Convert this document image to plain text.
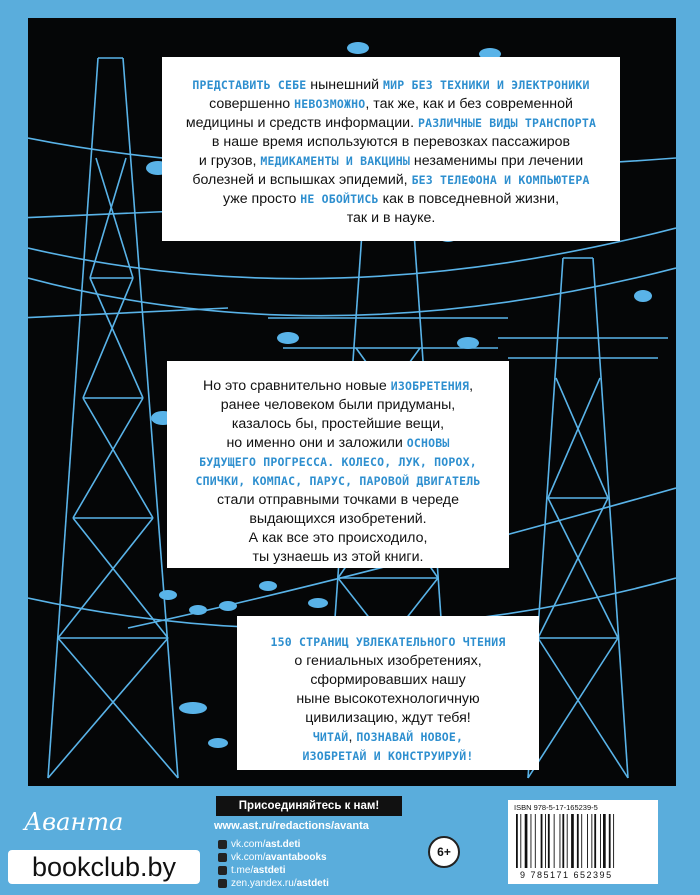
ПРЕДСТАВИТЬ СЕБЕ нынешний МИР БЕЗ ТЕХНИКИ И ЭЛЕКТРОНИКИ
совершенно НЕВОЗМОЖНО, так же, как и без современной
медицины и средств информации. РАЗЛИЧНЫЕ ВИДЫ ТРАНСПОРТА
в наше время используются в перевозках пассажиров
и грузов, МЕДИКАМЕНТЫ И ВАКЦИНЫ незаменимы при лечении
болезней и вспышках эпидемий, БЕЗ ТЕЛЕФОНА И КОМПЬЮТЕРА
уже просто НЕ ОБОЙТИСЬ как в повседневной жизни,
так и в науке.
Но это сравнительно новые ИЗОБРЕТЕНИЯ,
ранее человеком были придуманы,
казалось бы, простейшие вещи,
но именно они и заложили ОСНОВЫ
БУДУЩЕГО ПРОГРЕССА. КОЛЕСО, ЛУК, ПОРОХ,
СПИЧКИ, КОМПАС, ПАРУС, ПАРОВОЙ ДВИГАТЕЛЬ
стали отправными точками в череде
выдающихся изобретений.
А как все это происходило,
ты узнаешь из этой книги.
150 СТРАНИЦ УВЛЕКАТЕЛЬНОГО ЧТЕНИЯ
о гениальных изобретениях,
сформировавших нашу
ныне высокотехнологичную
цивилизацию, ждут тебя!
ЧИТАЙ, ПОЗНАВАЙ НОВОЕ,
ИЗОБРЕТАЙ И КОНСТРУИРУЙ!
Аванта
bookclub.by
Присоединяйтесь к нам!
www.ast.ru/redactions/avanta
vk.com/ ast.deti
vk.com/ avantabooks
t.me/ astdeti
zen.yandex.ru/ astdeti
6+
ISBN 978-5-17-165239-5
9 785171 652395
